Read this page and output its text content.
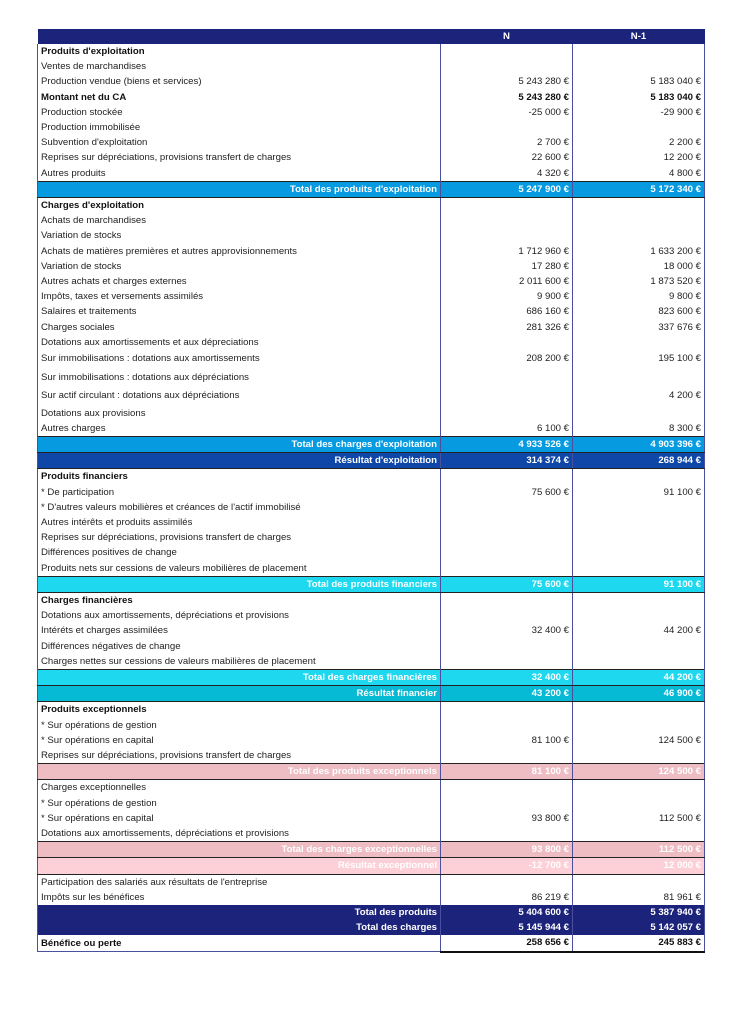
	N	N-1
Produits d'exploitation		
Ventes de marchandises		
Production vendue (biens et services)	5 243 280 €	5 183 040 €
Montant net du CA	5 243 280 €	5 183 040 €
Production stockée	-25 000 €	-29 900 €
Production immobilisée		
Subvention d'exploitation	2 700 €	2 200 €
Reprises sur dépréciations, provisions transfert de charges	22 600 €	12 200 €
Autres produits	4 320 €	4 800 €
Total des produits d'exploitation	5 247 900 €	5 172 340 €
Charges d'exploitation		
Achats de marchandises		
Variation de stocks		
Achats de matières premières et autres approvisionnements	1 712 960 €	1 633 200 €
Variation de stocks	17 280 €	18 000 €
Autres achats et charges externes	2 011 600 €	1 873 520 €
Impôts, taxes et versements assimilés	9 900 €	9 800 €
Salaires et traitements	686 160 €	823 600 €
Charges sociales	281 326 €	337 676 €
Dotations aux amortissements et aux dépreciations		
Sur immobilisations : dotations aux amortissements	208 200 €	195 100 €
Sur immobilisations : dotations aux dépréciations		
Sur actif circulant : dotations aux dépréciations		4 200 €
Dotations aux provisions		
Autres charges	6 100 €	8 300 €
Total des charges d'exploitation	4 933 526 €	4 903 396 €
Résultat d'exploitation	314 374 €	268 944 €
Produits financiers		
* De participation	75 600 €	91 100 €
* D'autres valeurs mobilières et créances de l'actif immobilisé		
Autres intérêts et produits assimilés		
Reprises sur dépréciations, provisions transfert de charges		
Différences positives de change		
Produits nets sur cessions de valeurs mobilières de placement		
Total des produits financiers	75 600 €	91 100 €
Charges financières		
Dotations aux amortissements, dépréciations et provisions		
Intéréts et charges assimilées	32 400 €	44 200 €
Différences négatives de change		
Charges nettes sur cessions de valeurs mabilières de placement		
Total des charges financières	32 400 €	44 200 €
Résultat financier	43 200 €	46 900 €
Produits exceptionnels		
* Sur opérations de gestion		
* Sur opérations en capital	81 100 €	124 500 €
Reprises sur dépréciations, provisions transfert de charges		
Total des produits exceptionnels	81 100 €	124 500 €
Charges exceptionnelles		
* Sur opérations de gestion		
* Sur opérations en capital	93 800 €	112 500 €
Dotations aux amortissements, dépréciations et provisions		
Total des charges exceptionnelles	93 800 €	112 500 €
Résultat exceptionnel	-12 700 €	12 000 €
Participation des salariés aux résultats de l'entreprise		
Impôts sur les bénéfices	86 219 €	81 961 €
Total des produits	5 404 600 €	5 387 940 €
Total des charges	5 145 944 €	5 142 057 €
Bénéfice ou perte	258 656 €	245 883 €
